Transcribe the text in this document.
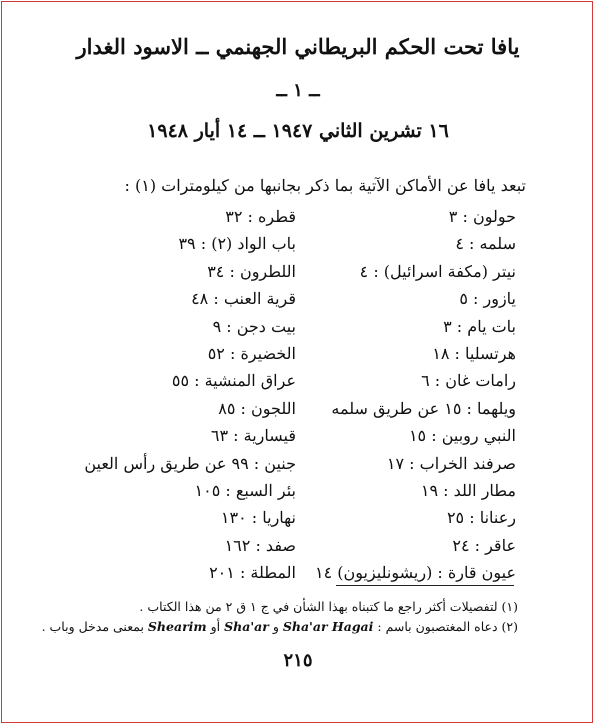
يافا تحت الحكم البريطاني الجهنمي ــ الاسود الغدار
ــ ١ ــ
١٦ تشرين الثاني ١٩٤٧ ــ ١٤ أيار ١٩٤٨
تبعد يافا عن الأماكن الآتية بما ذكر بجانبها من كيلومترات (١) :
حولون : ٣
سلمه : ٤
نيتر (مكفة اسرائيل) : ٤
يازور : ٥
بات يام : ٣
هرتسليا : ١٨
رامات غان : ٦
ويلهما : ١٥ عن طريق سلمه
النبي روبين : ١٥
صرفند الخراب : ١٧
مطار اللد : ١٩
رعنانا : ٢٥
عاقر : ٢٤
عيون قارة : (ريشونليزيون) ١٤
قطره : ٣٢
باب الواد (٢) : ٣٩
اللطرون : ٣٤
قرية العنب : ٤٨
بيت دجن : ٩
الخضيرة : ٥٢
عراق المنشية : ٥٥
اللجون : ٨٥
قيسارية : ٦٣
جنين : ٩٩ عن طريق رأس العين
بئر السبع : ١٠٥
نهاريا : ١٣٠
صفد : ١٦٢
المطلة : ٢٠١
(١) لتفصيلات أكثر راجع ما كتبناه بهذا الشأن في ج ١ ق ٢ من هذا الكتاب .
(٢) دعاه المغتصبون باسم : Sha'ar Hagai و Sha'ar أو Shearim بمعنى مدخل وباب .
٢١٥
